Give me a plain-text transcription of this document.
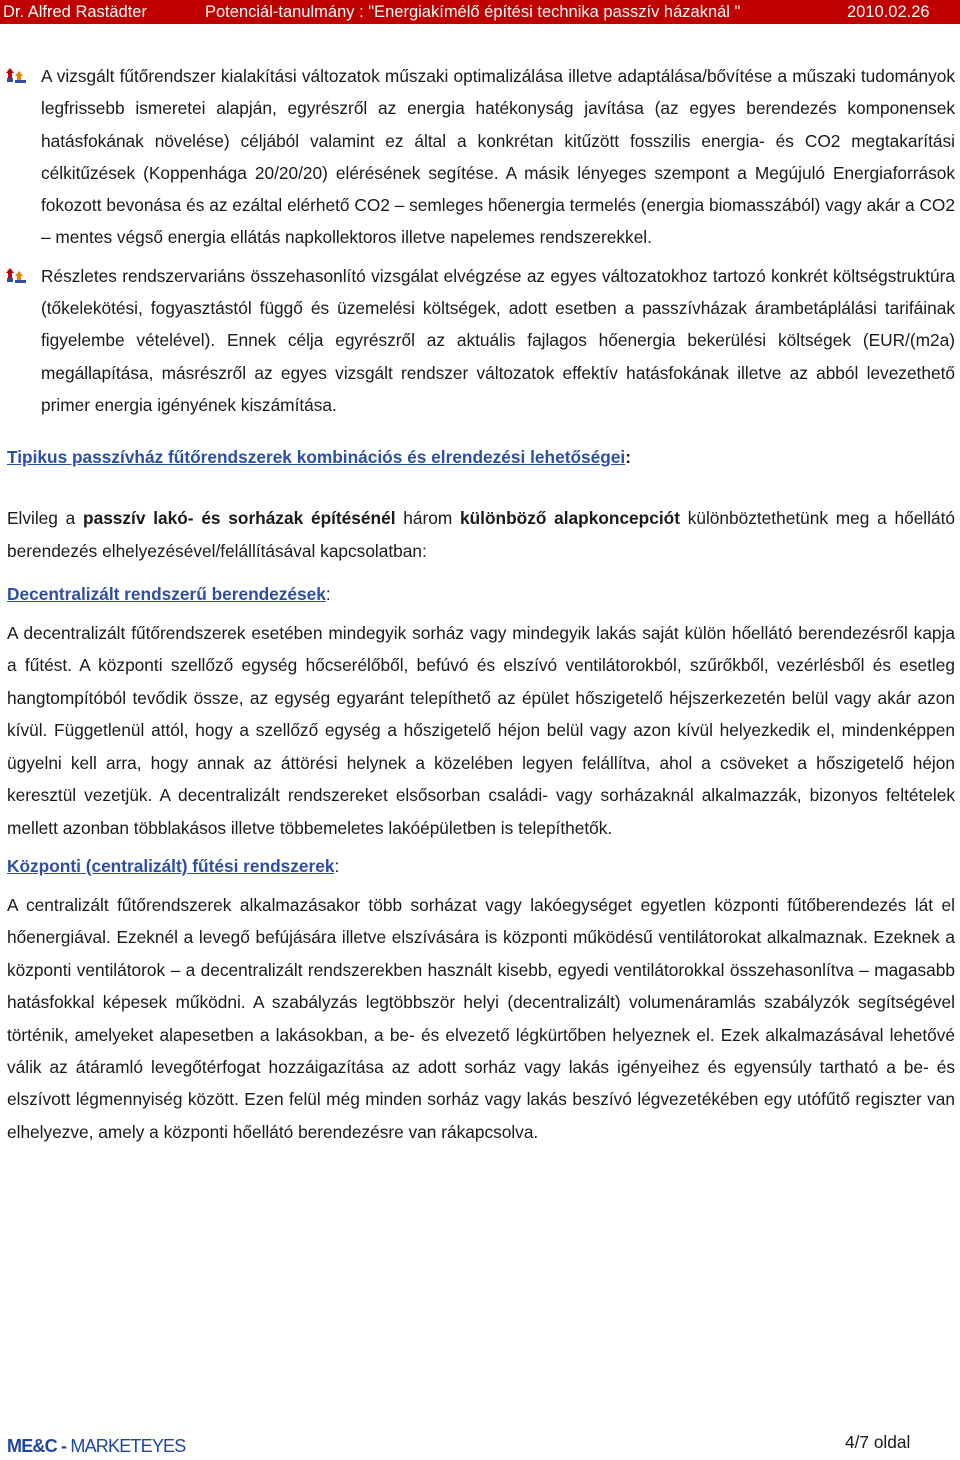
Dr. Alfred Rastädter	Potenciál-tanulmány : "Energiakímélő építési technika passzív házaknál "	2010.02.26
A vizsgált fűtőrendszer kialakítási változatok műszaki optimalizálása illetve adaptálása/bővítése a műszaki tudományok legfrissebb ismeretei alapján, egyrészről az energia hatékonyság javítása (az egyes berendezés komponensek hatásfokának növelése) céljából valamint ez által a konkrétan kitűzött fosszilis energia- és CO2 megtakarítási célkitűzések (Koppenhága 20/20/20) elérésének segítése. A másik lényeges szempont a Megújuló Energiaforrások fokozott bevonása és az ezáltal elérhető CO2 – semleges hőenergia termelés (energia biomasszából) vagy akár a CO2 – mentes végső energia ellátás napkollektoros illetve napelemes rendszerekkel.
Részletes rendszervariáns összehasonlító vizsgálat elvégzése az egyes változatokhoz tartozó konkrét költségstruktúra (tőkelekötési, fogyasztástól függő és üzemelési költségek, adott esetben a passzívházak árambetáplálási tarifáinak figyelembe vételével). Ennek célja egyrészről az aktuális fajlagos hőenergia bekerülési költségek (EUR/(m2a) megállapítása, másrészről az egyes vizsgált rendszer változatok effektív hatásfokának illetve az abból levezethető primer energia igényének kiszámítása.

Tipikus passzívház fűtőrendszerek kombinációs és elrendezési lehetőségei:

Elvileg a passzív lakó- és sorházak építésénél három különböző alapkoncepciót különböztethetünk meg a hőellátó berendezés elhelyezésével/felállításával kapcsolatban:

Decentralizált rendszerű berendezések:

A decentralizált fűtőrendszerek esetében mindegyik sorház vagy mindegyik lakás saját külön hőellátó berendezésről kapja a fűtést. A központi szellőző egység hőcserélőből, befúvó és elszívó ventilátorokból, szűrőkből, vezérlésből és esetleg hangtompítóból tevődik össze, az egység egyaránt telepíthető az épület hőszigetelő héjszerkezetén belül vagy akár azon kívül. Függetlenül attól, hogy a szellőző egység a hőszigetelő héjon belül vagy azon kívül helyezkedik el, mindenképpen ügyelni kell arra, hogy annak az áttörési helynek a közelében legyen felállítva, ahol a csöveket a hőszigetelő héjon keresztül vezetjük. A decentralizált rendszereket elsősorban családi- vagy sorházaknál alkalmazzák, bizonyos feltételek mellett azonban többlakásos illetve többemeletes lakóépületben is telepíthetők.

Központi (centralizált) fűtési rendszerek:

A centralizált fűtőrendszerek alkalmazásakor több sorházat vagy lakóegységet egyetlen központi fűtőberendezés lát el hőenergiával. Ezeknél a levegő befújására illetve elszívására is központi működésű ventilátorokat alkalmaznak. Ezeknek a központi ventilátorok – a decentralizált rendszerekben használt kisebb, egyedi ventilátorokkal összehasonlítva – magasabb hatásfokkal képesek működni. A szabályzás legtöbbször helyi (decentralizált) volumenáramlás szabályzók segítségével történik, amelyeket alapesetben a lakásokban, a be- és elvezető légkürtőben helyeznek el. Ezek alkalmazásával lehetővé válik az átáramló levegőtérfogat hozzáigazítása az adott sorház vagy lakás igényeihez és egyensúly tartható a be- és elszívott légmennyiség között. Ezen felül még minden sorház vagy lakás beszívó légvezetékében egy utófűtő regiszter van elhelyezve, amely a központi hőellátó berendezésre van rákapcsolva.

ME&C - MARKETEYES	4/7 oldal
